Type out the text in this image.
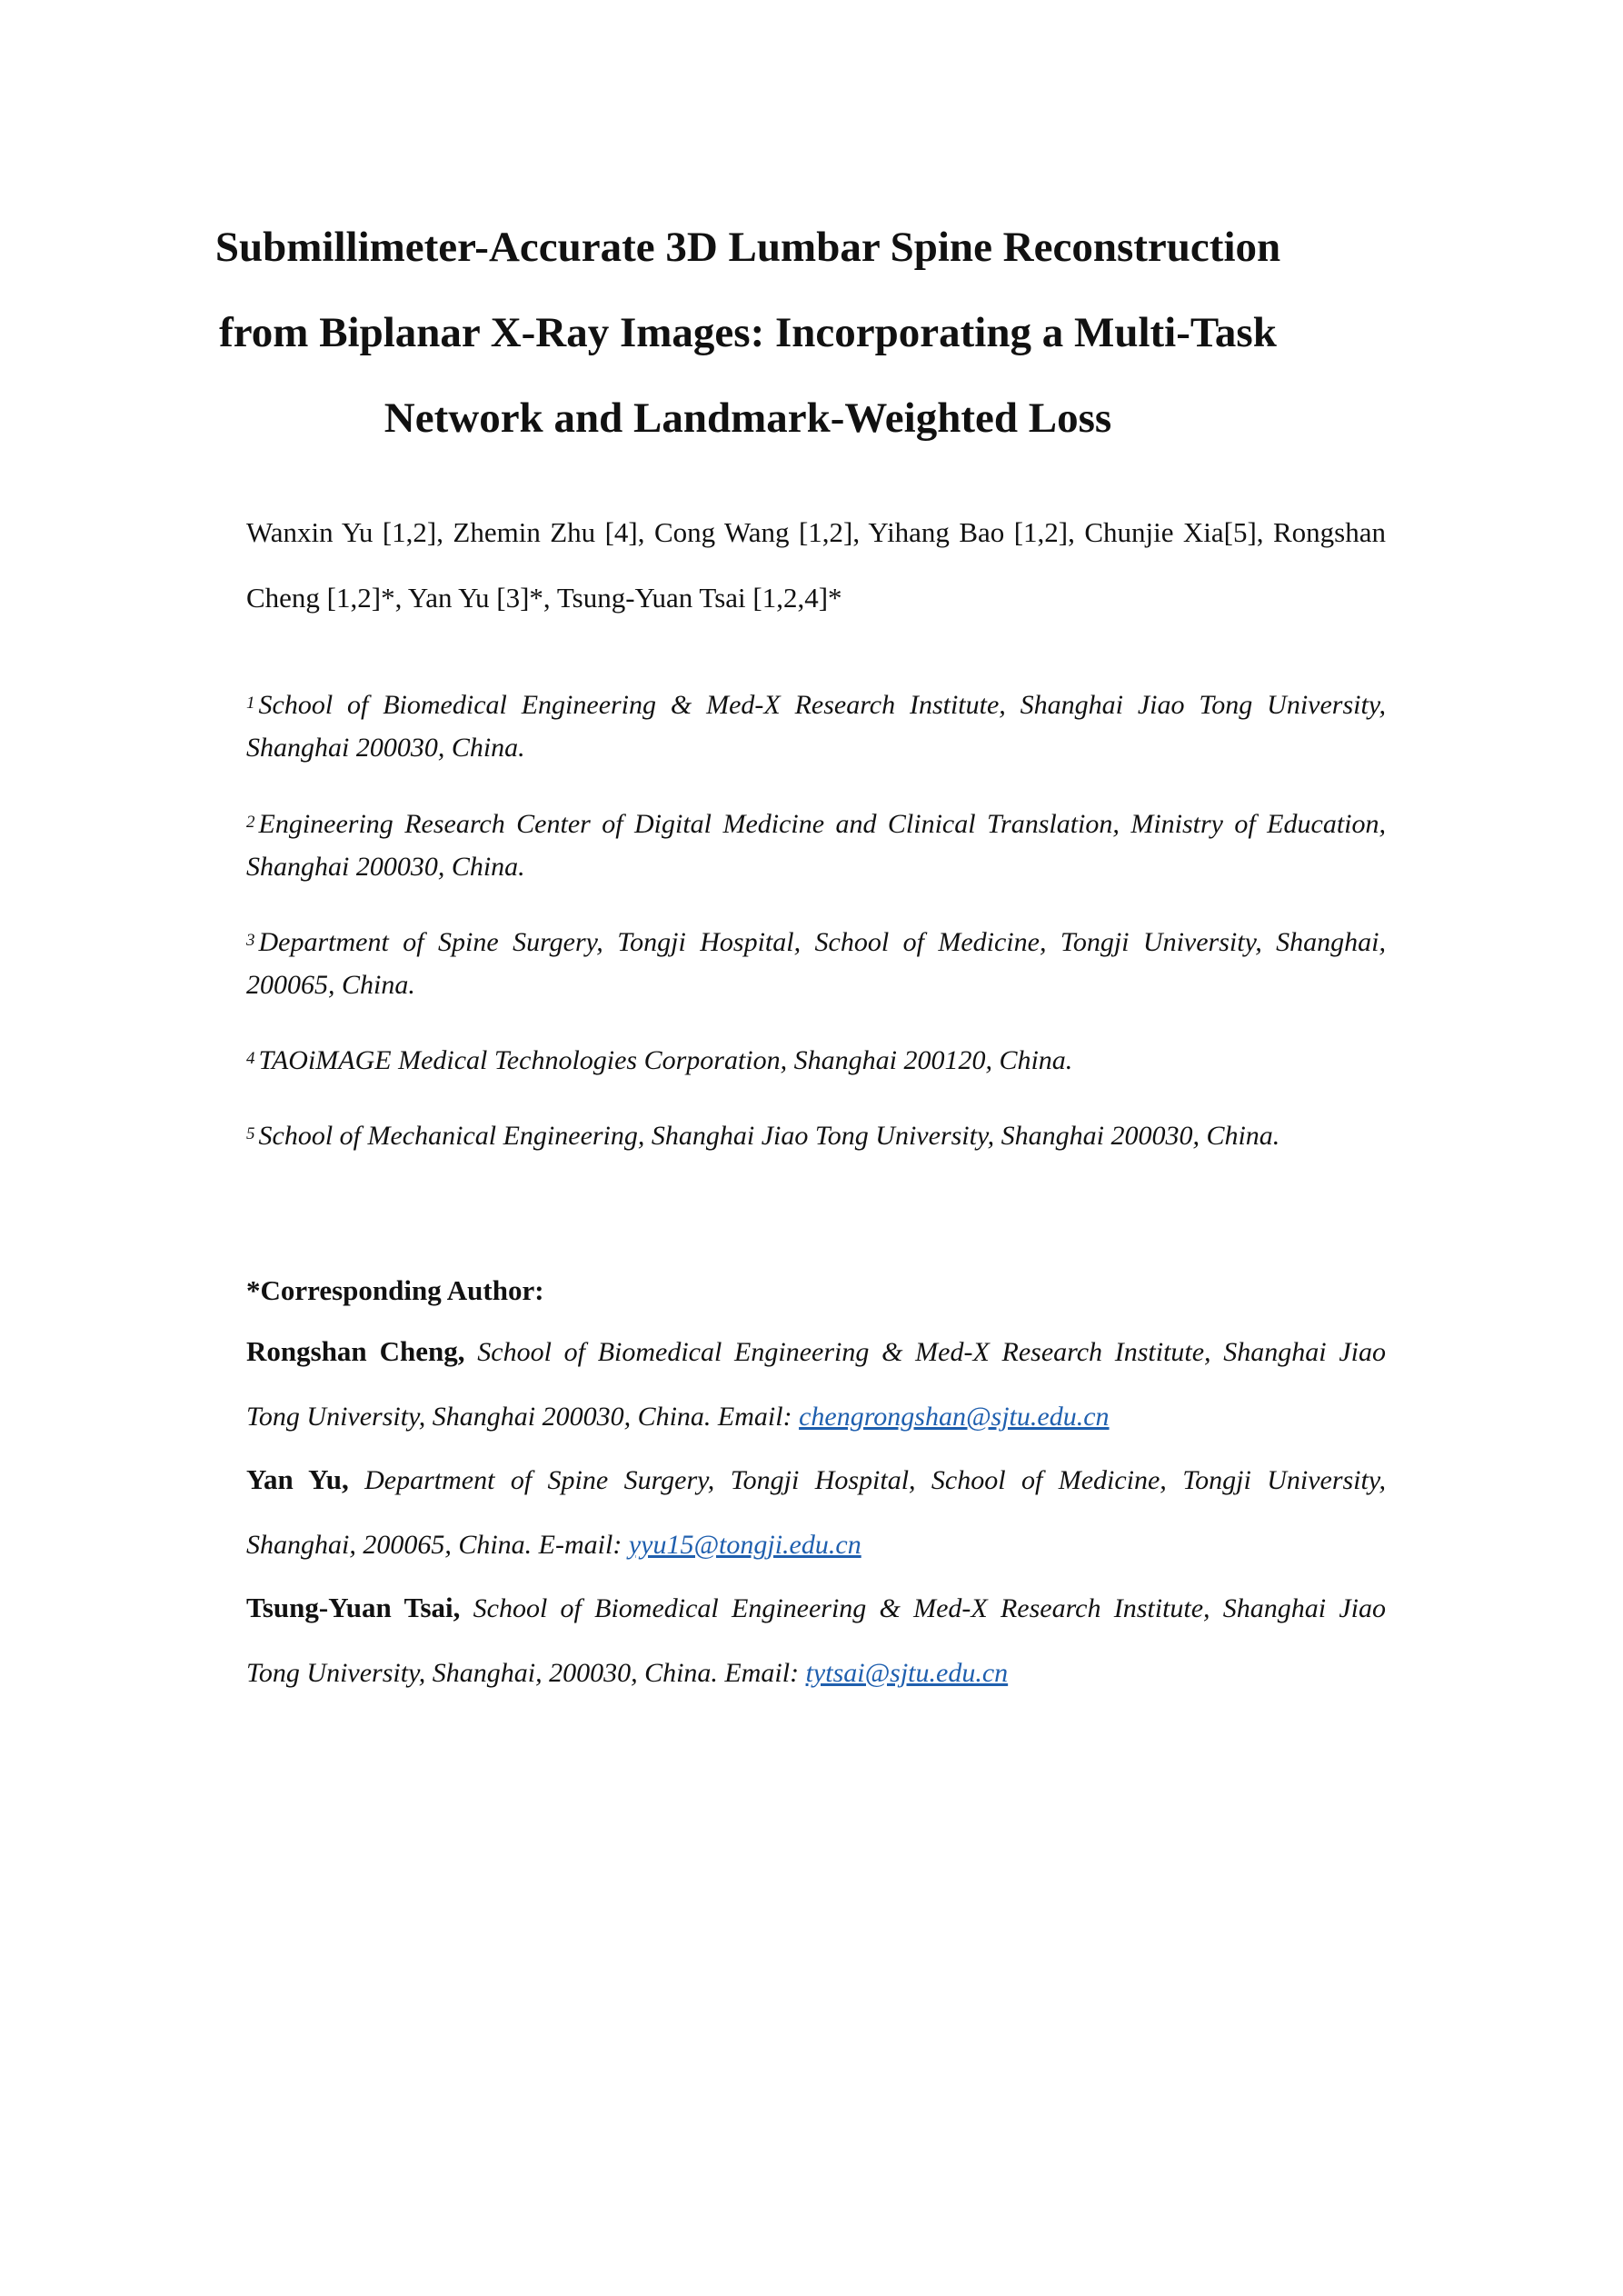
Submillimeter-Accurate 3D Lumbar Spine Reconstruction
from Biplanar X-Ray Images: Incorporating a Multi-Task
Network and Landmark-Weighted Loss

Wanxin Yu [1,2], Zhemin Zhu [4], Cong Wang [1,2], Yihang Bao [1,2], Chunjie Xia[5], Rongshan
Cheng [1,2]*, Yan Yu [3]*, Tsung-Yuan Tsai [1,2,4]*

$^1$ School of Biomedical Engineering & Med-X Research Institute, Shanghai Jiao Tong University,
Shanghai 200030, China.

$^2$ Engineering Research Center of Digital Medicine and Clinical Translation, Ministry of Education,
Shanghai 200030, China.

$^3$ Department of Spine Surgery, Tongji Hospital, School of Medicine, Tongji University, Shanghai,
200065, China.

$^4$ TAOiMAGE Medical Technologies Corporation, Shanghai 200120, China.

$^5$ School of Mechanical Engineering, Shanghai Jiao Tong University, Shanghai 200030, China.

*Corresponding Author:

Rongshan Cheng, School of Biomedical Engineering & Med-X Research Institute, Shanghai Jiao
Tong University, Shanghai 200030, China. Email: chengrongshan@sjtu.edu.cn

Yan Yu, Department of Spine Surgery, Tongji Hospital, School of Medicine, Tongji University,
Shanghai, 200065, China. E-mail: yyu15@tongji.edu.cn

Tsung-Yuan Tsai, School of Biomedical Engineering & Med-X Research Institute, Shanghai Jiao
Tong University, Shanghai, 200030, China. Email: tytsai@sjtu.edu.cn
